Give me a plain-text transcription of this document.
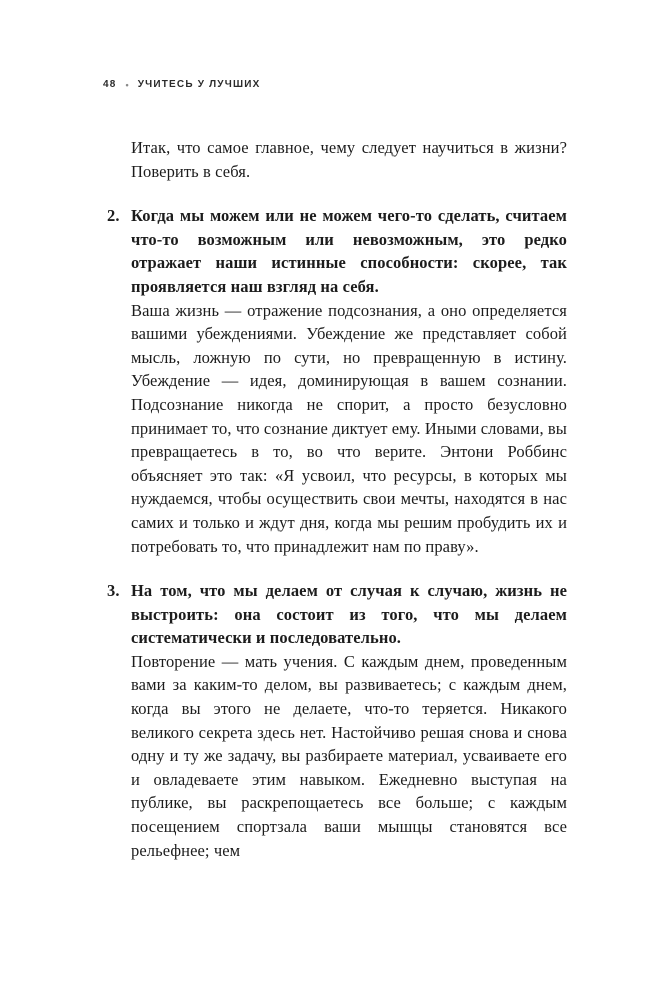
48 • УЧИТЕСЬ У ЛУЧШИХ

Итак, что самое главное, чему следует научиться в жизни? Поверить в себя.

2. Когда мы можем или не можем чего-то сделать, считаем что-то возможным или невозможным, это редко отражает наши истинные способности: скорее, так проявляется наш взгляд на себя.

Ваша жизнь — отражение подсознания, а оно определяется вашими убеждениями. Убеждение же представляет собой мысль, ложную по сути, но превращенную в истину. Убеждение — идея, доминирующая в вашем сознании. Подсознание никогда не спорит, а просто безусловно принимает то, что сознание диктует ему. Иными словами, вы превращаетесь в то, во что верите. Энтони Роббинс объясняет это так: «Я усвоил, что ресурсы, в которых мы нуждаемся, чтобы осуществить свои мечты, находятся в нас самих и только и ждут дня, когда мы решим пробудить их и потребовать то, что принадлежит нам по праву».

3. На том, что мы делаем от случая к случаю, жизнь не выстроить: она состоит из того, что мы делаем систематически и последовательно.

Повторение — мать учения. С каждым днем, проведенным вами за каким-то делом, вы развиваетесь; с каждым днем, когда вы этого не делаете, что-то теряется. Никакого великого секрета здесь нет. Настойчиво решая снова и снова одну и ту же задачу, вы разбираете материал, усваиваете его и овладеваете этим навыком. Ежедневно выступая на публике, вы раскрепощаетесь все больше; с каждым посещением спортзала ваши мышцы становятся все рельефнее; чем
